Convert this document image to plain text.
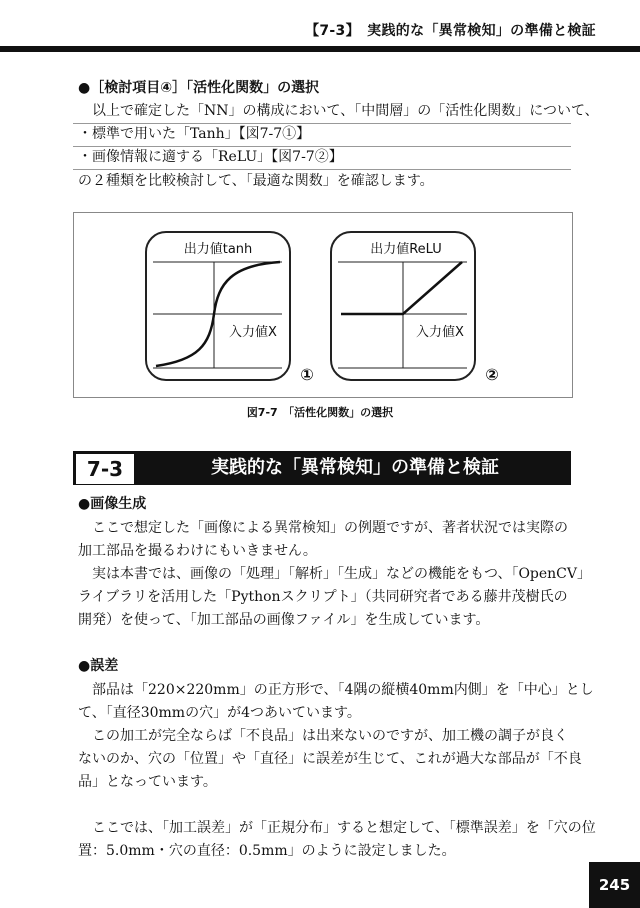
【7-3】　実践的な「異常検知」の準備と検証
●［検討項目④］「活性化関数」の選択
以上で確定した「NN」の構成において、「中間層」の「活性化関数」について、
・標準で用いた「Tanh」【図7-7①】
・画像情報に適する「ReLU」【図7-7②】
の２種類を比較検討して、「最適な関数」を確認します。
出力値tanh
入力値X
①
出力値ReLU
入力値X
②
図7-7　「活性化関数」の選択
7-3	実践的な「異常検知」の準備と検証
●画像生成
ここで想定した「画像による異常検知」の例題ですが、著者状況では実際の
加工部品を撮るわけにもいきません。
実は本書では、画像の「処理」「解析」「生成」などの機能をもつ、「OpenCV」
ライブラリを活用した「Pythonスクリプト」（共同研究者である藤井茂樹氏の
開発）を使って、「加工部品の画像ファイル」を生成しています。
●誤差
部品は「220×220mm」の正方形で、「4隅の縦横40mm内側」を「中心」とし
て、「直径30mmの穴」が4つあいています。
この加工が完全ならば「不良品」は出来ないのですが、加工機の調子が良く
ないのか、穴の「位置」や「直径」に誤差が生じて、これが過大な部品が「不良
品」となっています。
ここでは、「加工誤差」が「正規分布」すると想定して、「標準誤差」を「穴の位
置：5.0mm・穴の直径：0.5mm」のように設定しました。
245
